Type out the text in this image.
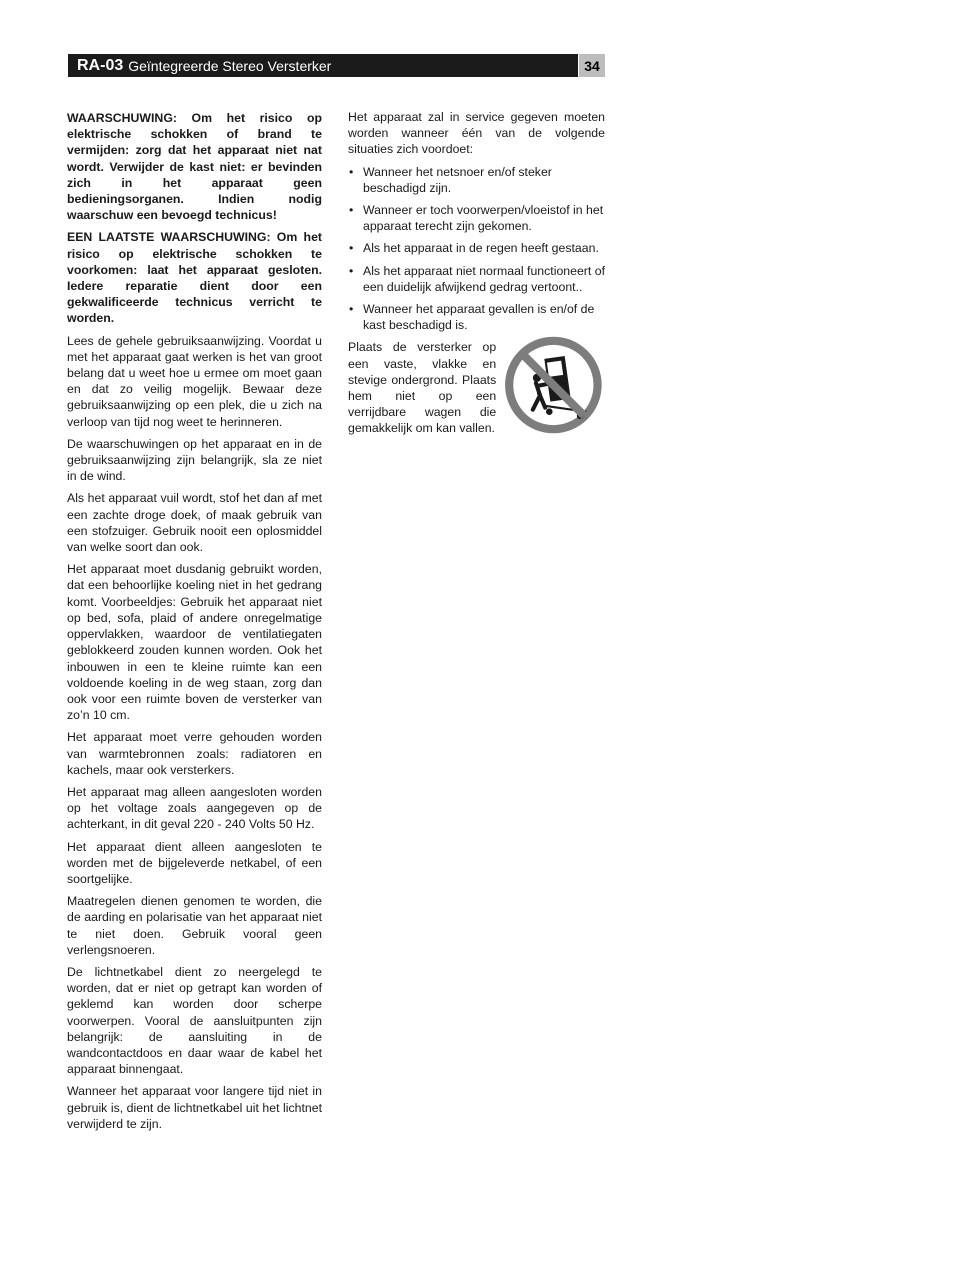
RA-03 Geïntegreerde Stereo Versterker	34

WAARSCHUWING: Om het risico op elektrische schokken of brand te vermijden: zorg dat het apparaat niet nat wordt. Verwijder de kast niet: er bevinden zich in het apparaat geen bedieningsorganen. Indien nodig waarschuw een bevoegd technicus!

EEN LAATSTE WAARSCHUWING: Om het risico op elektrische schokken te voorkomen: laat het apparaat gesloten. Iedere reparatie dient door een gekwalificeerde technicus verricht te worden.

Lees de gehele gebruiksaanwijzing. Voordat u met het apparaat gaat werken is het van groot belang dat u weet hoe u ermee om moet gaan en dat zo veilig mogelijk. Bewaar deze gebruiksaanwijzing op een plek, die u zich na verloop van tijd nog weet te herinneren.

De waarschuwingen op het apparaat en in de gebruiksaanwijzing zijn belangrijk, sla ze niet in de wind.

Als het apparaat vuil wordt, stof het dan af met een zachte droge doek, of maak gebruik van een stofzuiger. Gebruik nooit een oplosmiddel van welke soort dan ook.

Het apparaat moet dusdanig gebruikt worden, dat een behoorlijke koeling niet in het gedrang komt. Voorbeeldjes: Gebruik het apparaat niet op bed, sofa, plaid of andere onregelmatige oppervlakken, waardoor de ventilatiegaten geblokkeerd zouden kunnen worden. Ook het inbouwen in een te kleine ruimte kan een voldoende koeling in de weg staan, zorg dan ook voor een ruimte boven de versterker van zo’n 10 cm.

Het apparaat moet verre gehouden worden van warmtebronnen zoals: radiatoren en kachels, maar ook versterkers.

Het apparaat mag alleen aangesloten worden op het voltage zoals aangegeven op de achterkant, in dit geval 220 - 240 Volts 50 Hz.

Het apparaat dient alleen aangesloten te worden met de bijgeleverde netkabel, of een soortgelijke.

Maatregelen dienen genomen te worden, die de aarding en polarisatie van het apparaat niet te niet doen. Gebruik vooral geen verlengsnoeren.

De lichtnetkabel dient zo neergelegd te worden, dat er niet op getrapt kan worden of geklemd kan worden door scherpe voorwerpen. Vooral de aansluitpunten zijn belangrijk: de aansluiting in de wandcontactdoos en daar waar de kabel het apparaat binnengaat.

Wanneer het apparaat voor langere tijd niet in gebruik is, dient de lichtnetkabel uit het lichtnet verwijderd te zijn.

Het apparaat zal in service gegeven moeten worden wanneer één van de volgende situaties zich voordoet:

• Wanneer het netsnoer en/of steker beschadigd zijn.
• Wanneer er toch voorwerpen/vloeistof in het apparaat terecht zijn gekomen.
• Als het apparaat in de regen heeft gestaan.
• Als het apparaat niet normaal functioneert of een duidelijk afwijkend gedrag vertoont..
• Wanneer het apparaat gevallen is en/of de kast beschadigd is.

Plaats de versterker op een vaste, vlakke en stevige ondergrond. Plaats hem niet op een verrijdbare wagen die gemakkelijk om kan vallen.
